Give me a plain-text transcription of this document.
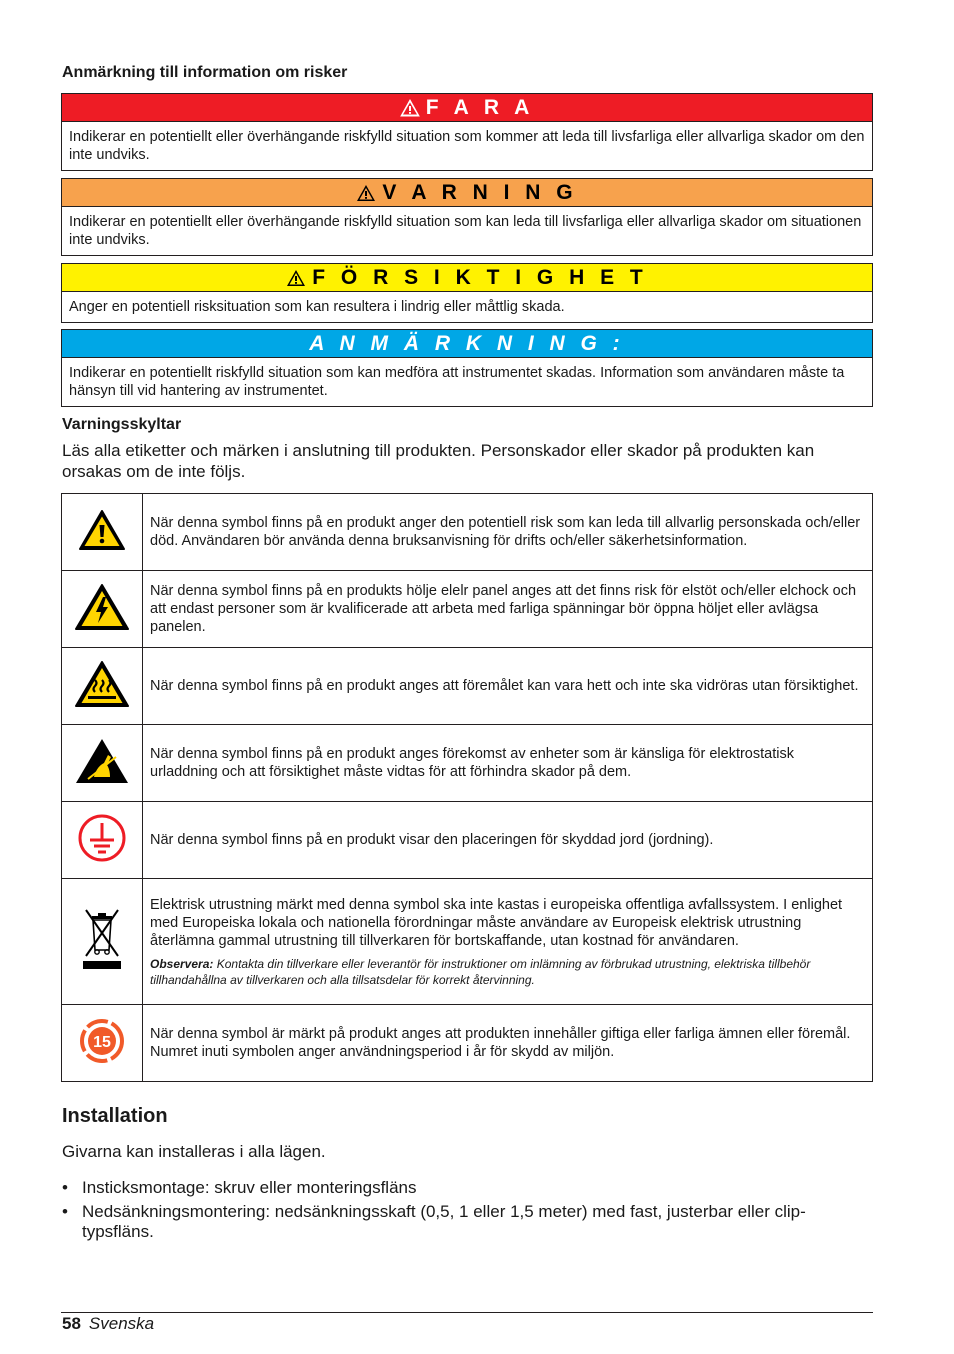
Anmärkning till information om risker
F A R A
Indikerar en potentiellt eller överhängande riskfylld situation som kommer att leda till livsfarliga eller allvarliga skador om den inte undviks.
V A R N I N G
Indikerar en potentiellt eller överhängande riskfylld situation som kan leda till livsfarliga eller allvarliga skador om situationen inte undviks.
F Ö R S I K T I G H E T
Anger en potentiell risksituation som kan resultera i lindrig eller måttlig skada.
A N M Ä R K N I N G :
Indikerar en potentiellt riskfylld situation som kan medföra att instrumentet skadas. Information som användaren måste ta hänsyn till vid hantering av instrumentet.
Varningsskyltar

Läs alla etiketter och märken i anslutning till produkten. Personskador eller skador på produkten kan orsakas om de inte följs.

	När denna symbol finns på en produkt anger den potentiell risk som kan leda till allvarlig personskada och/eller död. Användaren bör använda denna bruksanvisning för drifts och/eller säkerhetsinformation.
	När denna symbol finns på en produkts hölje elelr panel anges att det finns risk för elstöt och/eller elchock och att endast personer som är kvalificerade att arbeta med farliga spänningar bör öppna höljet eller avlägsa panelen.
	När denna symbol finns på en produkt anges att föremålet kan vara hett och inte ska vidröras utan försiktighet.
	När denna symbol finns på en produkt anges förekomst av enheter som är känsliga för elektrostatisk urladdning och att försiktighet måste vidtas för att förhindra skador på dem.
	När denna symbol finns på en produkt visar den placeringen för skyddad jord (jordning).

Elektrisk utrustning märkt med denna symbol ska inte kastas i europeiska offentliga avfallssystem. I enlighet med Europeiska lokala och nationella förordningar måste användare av Europeisk elektrisk utrustning återlämna gammal utrustning till tillverkaren för bortskaffande, utan kostnad för användaren.
Observera: Kontakta din tillverkare eller leverantör för instruktioner om inlämning av förbrukad utrustning, elektriska tillbehör tillhandahållna av tillverkaren och alla tillsatsdelar för korrekt återvinning.

15	När denna symbol är märkt på produkt anges att produkten innehåller giftiga eller farliga ämnen eller föremål. Numret inuti symbolen anger användningsperiod i år för skydd av miljön.
Installation

Givarna kan installeras i alla lägen.

• Insticksmontage: skruv eller monteringsfläns
• Nedsänkningsmontering: nedsänkningsskaft (0,5, 1 eller 1,5 meter) med fast, justerbar eller clip-typsfläns.
58 Svenska
